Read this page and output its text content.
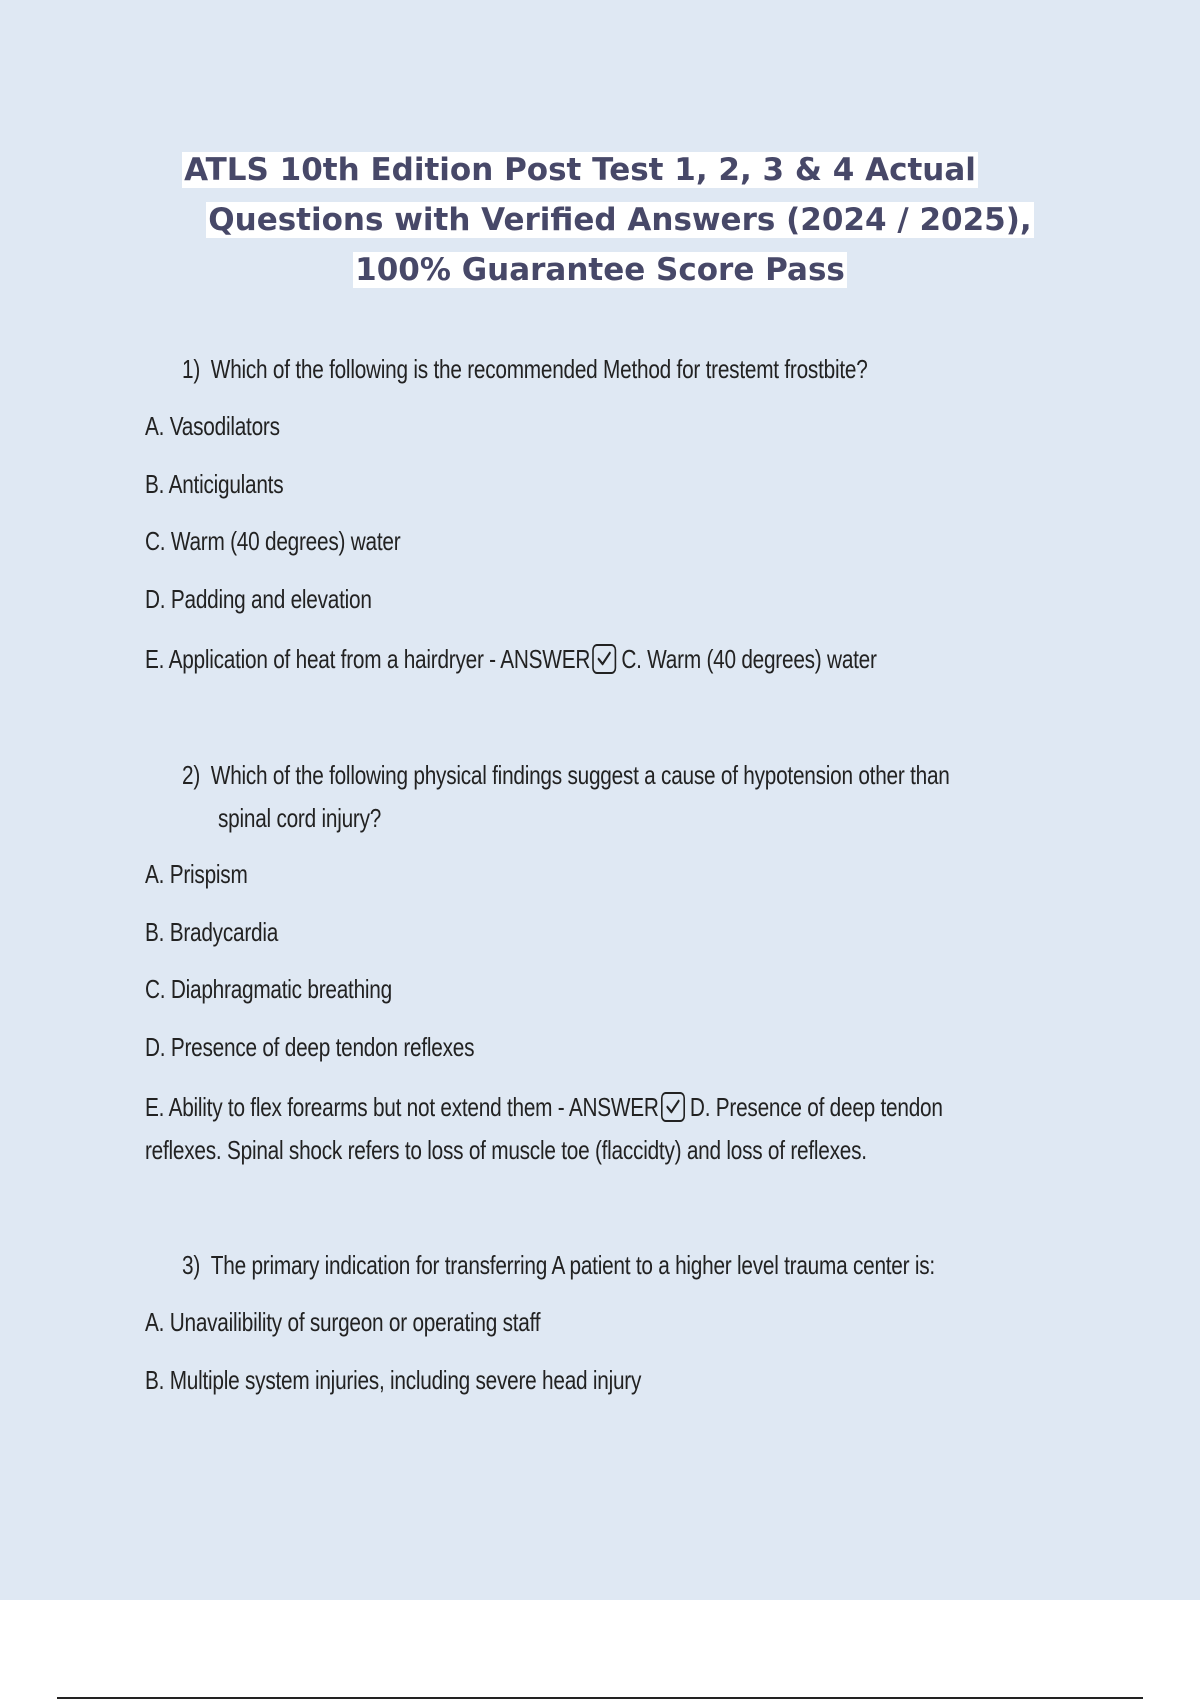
ATLS 10th Edition Post Test 1, 2, 3 & 4 Actual
Questions with Verified Answers (2024 / 2025),
100% Guarantee Score Pass
1) Which of the following is the recommended Method for trestemt frostbite?
A. Vasodilators
B. Anticigulants
C. Warm (40 degrees) water
D. Padding and elevation
E. Application of heat from a hairdryer - ANSWER C. Warm (40 degrees) water
2) Which of the following physical findings suggest a cause of hypotension other than
spinal cord injury?
A. Prispism
B. Bradycardia
C. Diaphragmatic breathing
D. Presence of deep tendon reflexes
E. Ability to flex forearms but not extend them - ANSWER D. Presence of deep tendon
reflexes. Spinal shock refers to loss of muscle toe (flaccidty) and loss of reflexes.
3) The primary indication for transferring A patient to a higher level trauma center is:
A. Unavailibility of surgeon or operating staff
B. Multiple system injuries, including severe head injury
